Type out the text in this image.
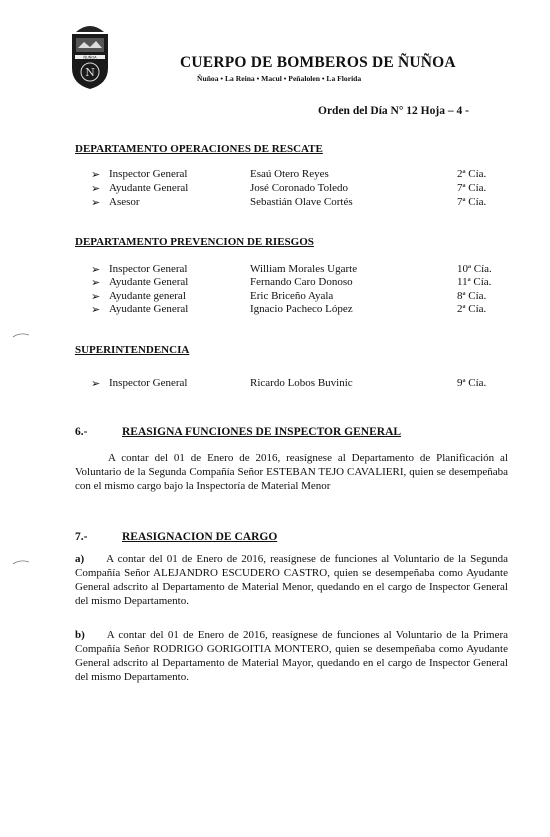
ÑUÑOA
N
CUERPO DE BOMBEROS DE ÑUÑOA
Ñuñoa • La Reina • Macul • Peñalolen • La Florida
Orden del Día N° 12 Hoja – 4 -
DEPARTAMENTO OPERACIONES DE RESCATE
➢ Inspector General	Esaú Otero Reyes	2ª Cía.
➢ Ayudante General	José Coronado Toledo	7ª Cía.
➢ Asesor	Sebastián Olave Cortés	7ª Cía.
DEPARTAMENTO PREVENCION DE RIESGOS
➢ Inspector General	William Morales Ugarte	10ª Cía.
➢ Ayudante General	Fernando Caro Donoso	11ª Cía.
➢ Ayudante general	Eric Briceño Ayala	8ª Cía.
➢ Ayudante General	Ignacio Pacheco López	2ª Cía.
SUPERINTENDENCIA
➢ Inspector General	Ricardo Lobos Buvinic	9ª Cía.
6.-	REASIGNA FUNCIONES DE INSPECTOR GENERAL
A contar del 01 de Enero de 2016, reasígnese al Departamento de Planificación al Voluntario de la Segunda Compañía Señor ESTEBAN TEJO CAVALIERI, quien se desempeñaba con el mismo cargo bajo la Inspectoría de Material Menor
7.-	REASIGNACION DE CARGO
a) A contar del 01 de Enero de 2016, reasígnese de funciones al Voluntario de la Segunda Compañía Señor ALEJANDRO ESCUDERO CASTRO, quien se desempeñaba como Ayudante General adscrito al Departamento de Material Menor, quedando en el cargo de Inspector General del mismo Departamento.
b) A contar del 01 de Enero de 2016, reasígnese de funciones al Voluntario de la Primera Compañía Señor RODRIGO GORIGOITIA MONTERO, quien se desempeñaba como Ayudante General adscrito al Departamento de Material Mayor, quedando en el cargo de Inspector General del mismo Departamento.
